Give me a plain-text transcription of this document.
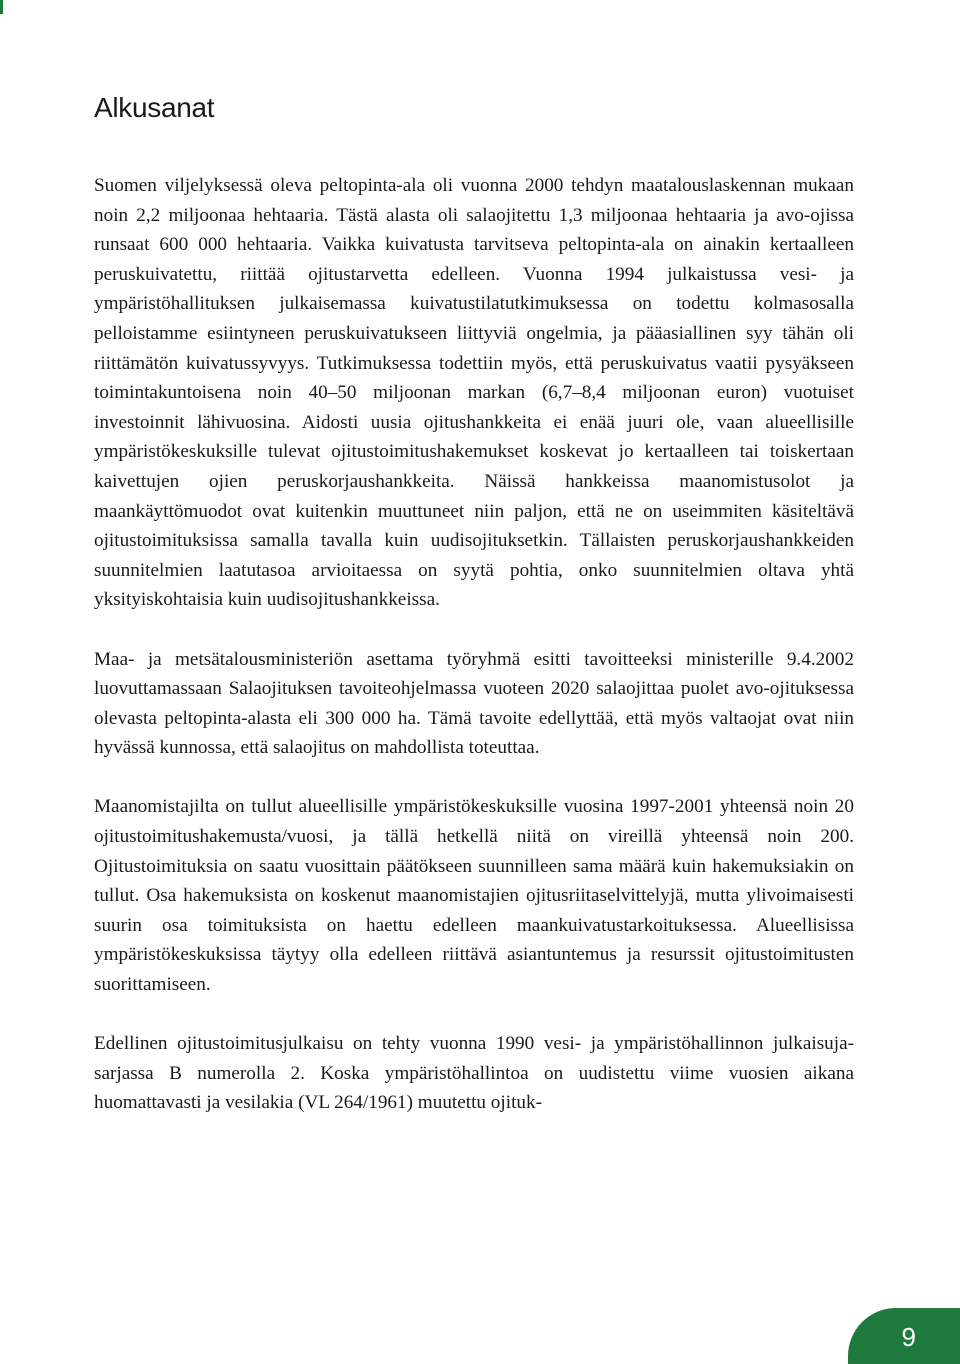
Alkusanat

Suomen viljelyksessä oleva peltopinta-ala oli vuonna 2000 tehdyn maatalouslaskennan mukaan noin 2,2 miljoonaa hehtaaria. Tästä alasta oli salaojitettu 1,3 miljoonaa hehtaaria ja avo-ojissa runsaat 600 000 hehtaaria. Vaikka kuivatusta tarvitseva peltopinta-ala on ainakin kertaalleen peruskuivatettu, riittää ojitustarvetta edelleen. Vuonna 1994 julkaistussa vesi- ja ympäristöhallituksen julkaisemassa kuivatustilatutkimuksessa on todettu kolmasosalla pelloistamme esiintyneen peruskuivatukseen liittyviä ongelmia, ja pääasiallinen syy tähän oli riittämätön kuivatussyvyys. Tutkimuksessa todettiin myös, että peruskuivatus vaatii pysyäkseen toimintakuntoisena noin 40–50 miljoonan markan (6,7–8,4 miljoonan euron) vuotuiset investoinnit lähivuosina. Aidosti uusia ojitushankkeita ei enää juuri ole, vaan alueellisille ympäristökeskuksille tulevat ojitustoimitushakemukset koskevat jo kertaalleen tai toiskertaan kaivettujen ojien peruskorjaushankkeita. Näissä hankkeissa maanomistusolot ja maankäyttömuodot ovat kuitenkin muuttuneet niin paljon, että ne on useimmiten käsiteltävä ojitustoimituksissa samalla tavalla kuin uudisojituksetkin. Tällaisten peruskorjaushankkeiden suunnitelmien laatutasoa arvioitaessa on syytä pohtia, onko suunnitelmien oltava yhtä yksityiskohtaisia kuin uudisojitushankkeissa.

Maa- ja metsätalousministeriön asettama työryhmä esitti tavoitteeksi ministerille 9.4.2002 luovuttamassaan Salaojituksen tavoiteohjelmassa vuoteen 2020 salaojittaa puolet avo-ojituksessa olevasta peltopinta-alasta eli 300 000 ha. Tämä tavoite edellyttää, että myös valtaojat ovat niin hyvässä kunnossa, että salaojitus on mahdollista toteuttaa.

Maanomistajilta on tullut alueellisille ympäristökeskuksille vuosina 1997-2001 yhteensä noin 20 ojitustoimitushakemusta/vuosi, ja tällä hetkellä niitä on vireillä yhteensä noin 200. Ojitustoimituksia on saatu vuosittain päätökseen suunnilleen sama määrä kuin hakemuksiakin on tullut. Osa hakemuksista on koskenut maanomistajien ojitusriitaselvittelyjä, mutta ylivoimaisesti suurin osa toimituksista on haettu edelleen maankuivatustarkoituksessa. Alueellisissa ympäristökeskuksissa täytyy olla edelleen riittävä asiantuntemus ja resurssit ojitustoimitusten suorittamiseen.

Edellinen ojitustoimitusjulkaisu on tehty vuonna 1990 vesi- ja ympäristöhallinnon julkaisuja-sarjassa B numerolla 2. Koska ympäristöhallintoa on uudistettu viime vuosien aikana huomattavasti ja vesilakia (VL 264/1961) muutettu ojituk-

9
